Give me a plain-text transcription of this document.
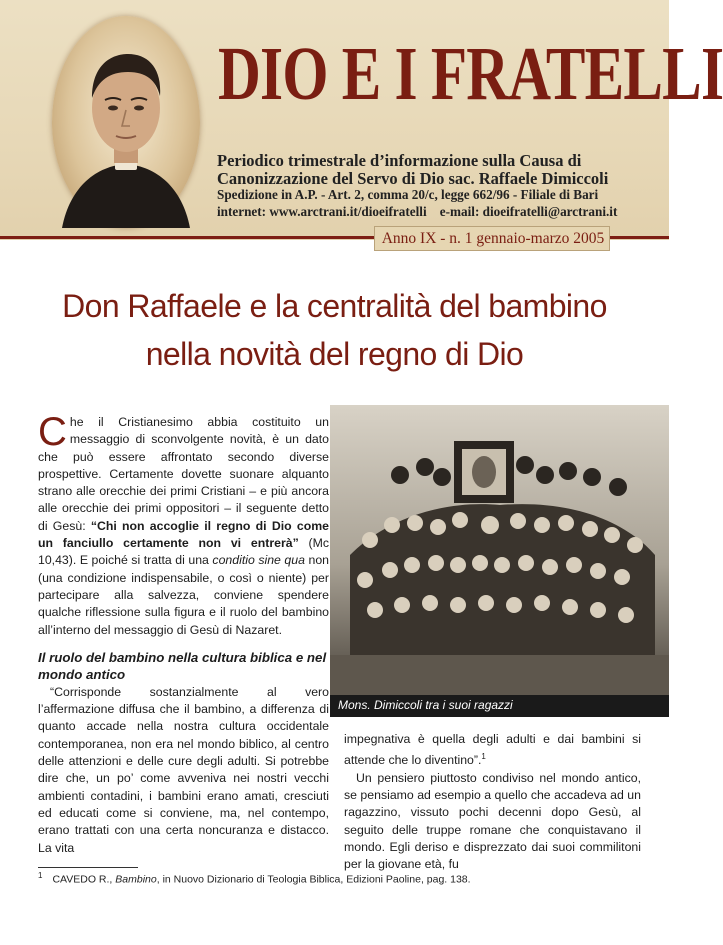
DIO E I FRATELLI
Periodico trimestrale d’informazione sulla Causa di
Canonizzazione del Servo di Dio sac. Raffaele Dimiccoli
Spedizione in A.P. - Art. 2, comma 20/c, legge 662/96 - Filiale di Bari
internet: www.arctrani.it/dioeifratelli e-mail: dioeifratelli@arctrani.it
Anno IX - n. 1 gennaio-marzo 2005
Don Raffaele e la centralità del bambino
nella novità del regno di Dio

Che il Cristianesimo abbia costituito un messaggio di sconvolgente novità, è un dato che può essere affrontato secondo diverse prospettive. Certamente dovette suonare alquanto strano alle orecchie dei primi Cristiani – e più ancora alle orecchie dei primi oppositori – il seguente detto di Gesù: “Chi non accoglie il regno di Dio come un fanciullo certamente non vi entrerà” (Mc 10,43). E poiché si tratta di una conditio sine qua non (una condizione indispensabile, o così o niente) per partecipare alla salvezza, conviene spendere qualche riflessione sulla figura e il ruolo del bambino all’interno del messaggio di Gesù di Nazaret.

Il ruolo del bambino nella cultura biblica e nel mondo antico

“Corrisponde sostanzialmente al vero l’affermazione diffusa che il bambino, a differenza di quanto accade nella nostra cultura occidentale contemporanea, non era nel mondo biblico, al centro delle attenzioni e delle cure degli adulti. Si potrebbe dire che, un po’ come avveniva nei nostri vecchi ambienti contadini, i bambini erano amati, cresciuti ed educati come si conviene, ma, nel contempo, erano trattati con una certa noncuranza e distacco. La vita

Mons. Dimiccoli tra i suoi ragazzi

impegnativa è quella degli adulti e dai bambini si attende che lo diventino”.$^1$

Un pensiero piuttosto condiviso nel mondo antico, se pensiamo ad esempio a quello che accadeva ad un ragazzino, vissuto pochi decenni dopo Gesù, al seguito delle truppe romane che conquistavano il mondo. Egli deriso e disprezzato dai suoi commilitoni per la giovane età, fu

$^1$ CAVEDO R., Bambino, in Nuovo Dizionario di Teologia Biblica, Edizioni Paoline, pag. 138.
